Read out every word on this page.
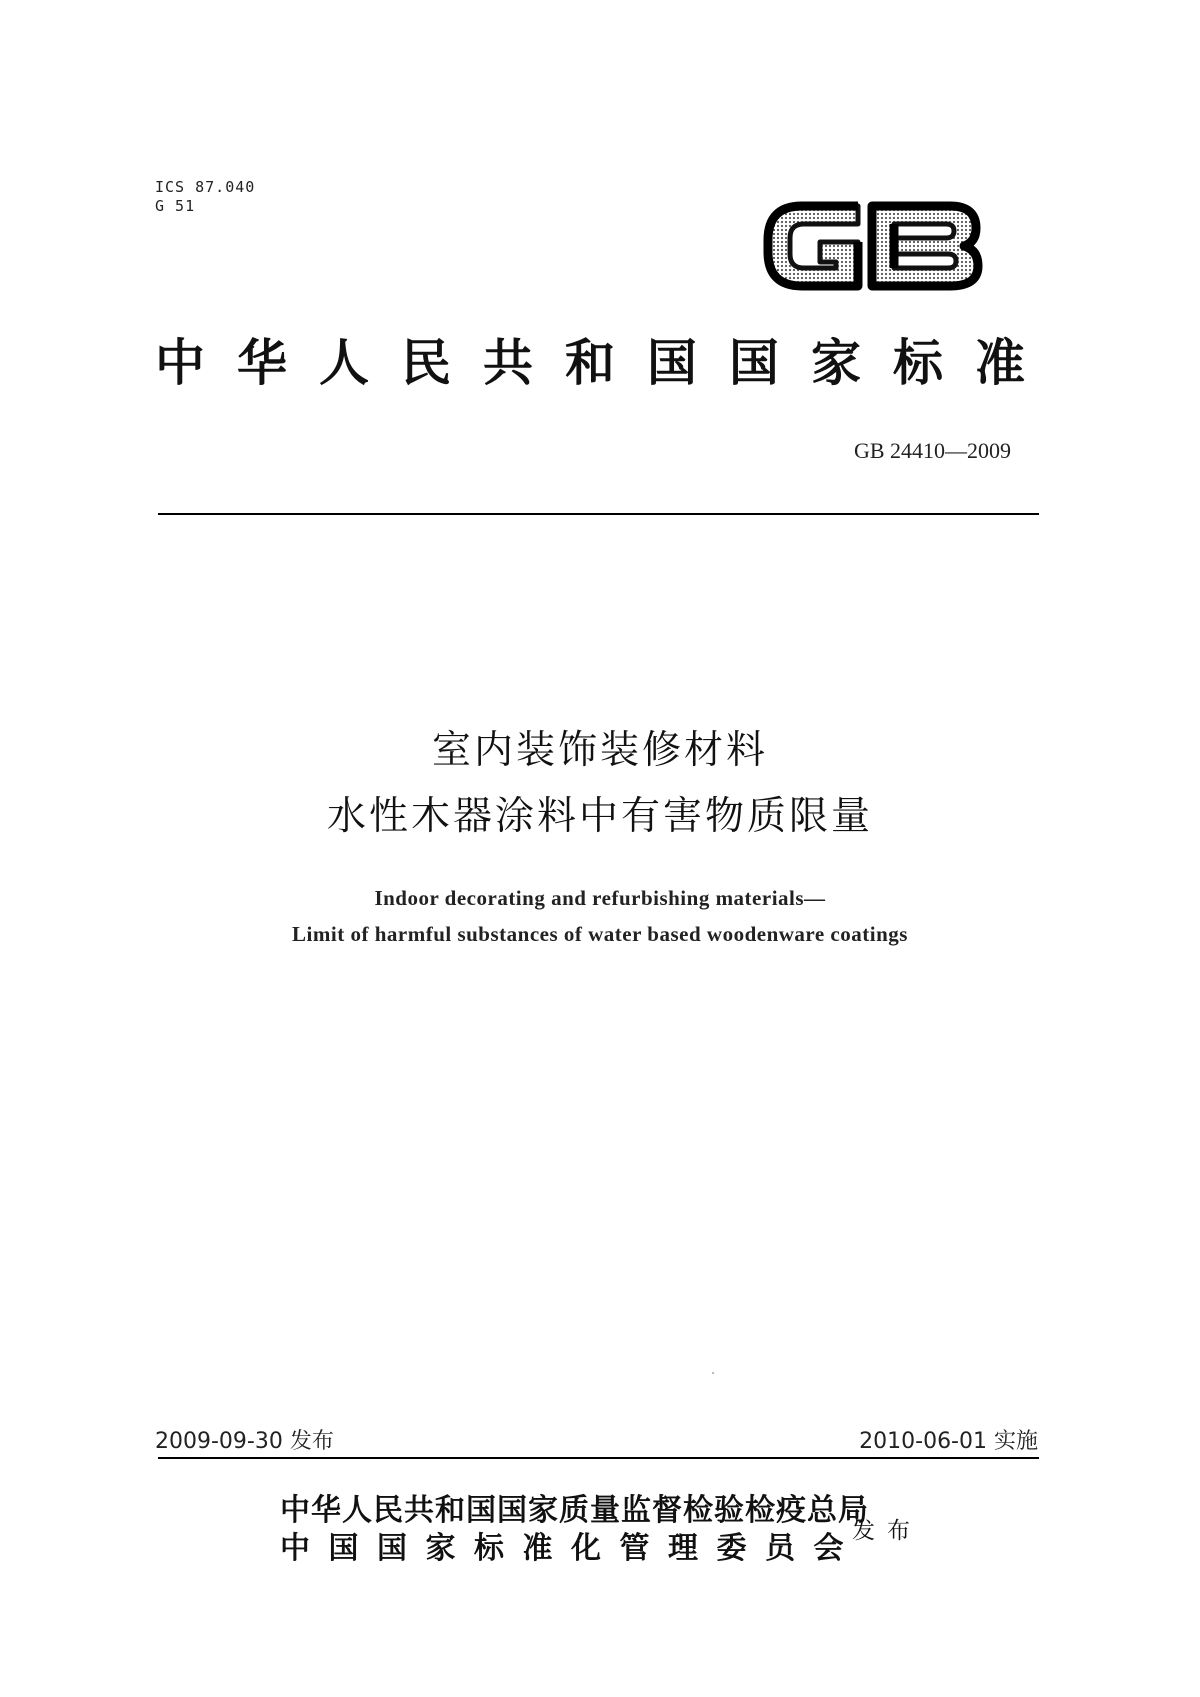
ICS 87.040
G 51
中华人民共和国国家标准
GB 24410—2009
室内装饰装修材料
水性木器涂料中有害物质限量
Indoor decorating and refurbishing materials—
Limit of harmful substances of water based woodenware coatings
2009-09-30 发布	2010-06-01 实施
中华人民共和国国家质量监督检验检疫总局
中国国家标准化管理委员会
发布
